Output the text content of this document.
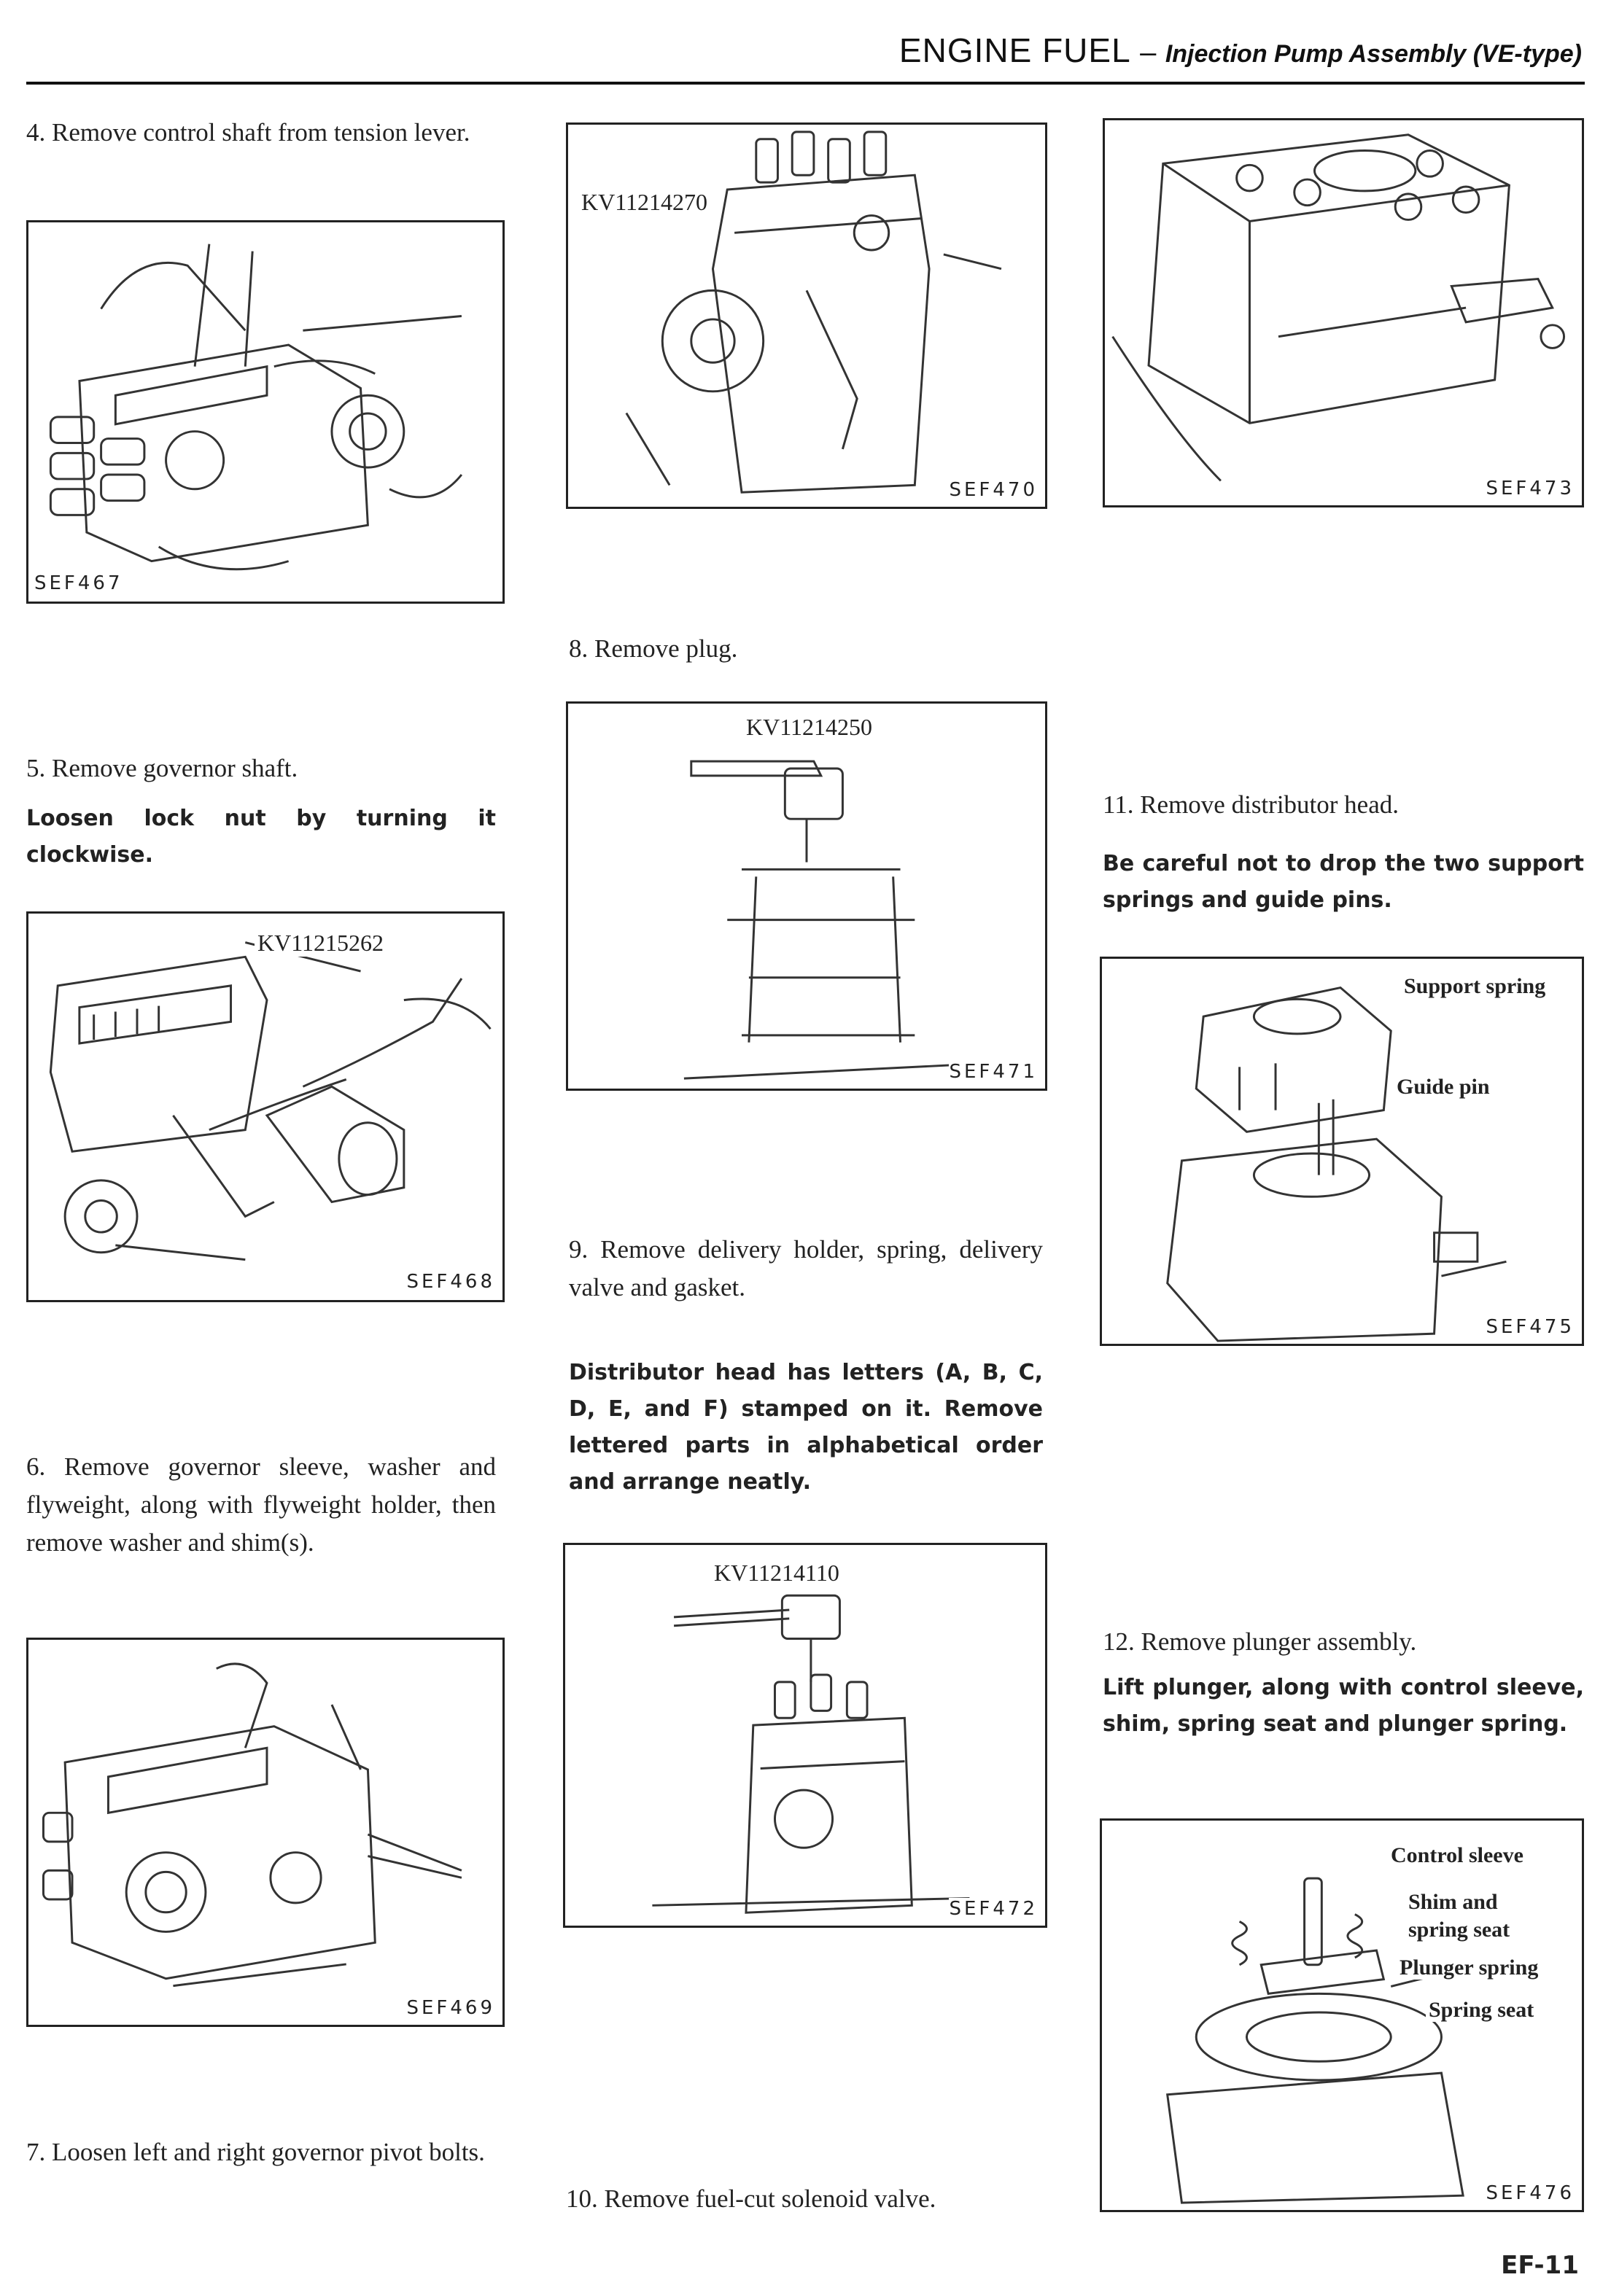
ENGINE FUEL – Injection Pump Assembly (VE-type)
4. Remove control shaft from tension lever.
SEF467
5. Remove governor shaft.
Loosen lock nut by turning it clockwise.
KV11215262
SEF468
6. Remove governor sleeve, washer and flyweight, along with flyweight holder, then remove washer and shim(s).
SEF469
7. Loosen left and right governor pivot bolts.
KV11214270
SEF470
8. Remove plug.
KV11214250
SEF471
9. Remove delivery holder, spring, delivery valve and gasket.
Distributor head has letters (A, B, C, D, E, and F) stamped on it. Remove lettered parts in alphabetical order and arrange neatly.
KV11214110
SEF472
10. Remove fuel-cut solenoid valve.
SEF473
11. Remove distributor head.
Be careful not to drop the two support springs and guide pins.
Support spring
Guide pin
SEF475
12. Remove plunger assembly.
Lift plunger, along with control sleeve, shim, spring seat and plunger spring.
Control sleeve
Shim and
spring seat
Plunger spring
Spring seat
SEF476
EF-11
